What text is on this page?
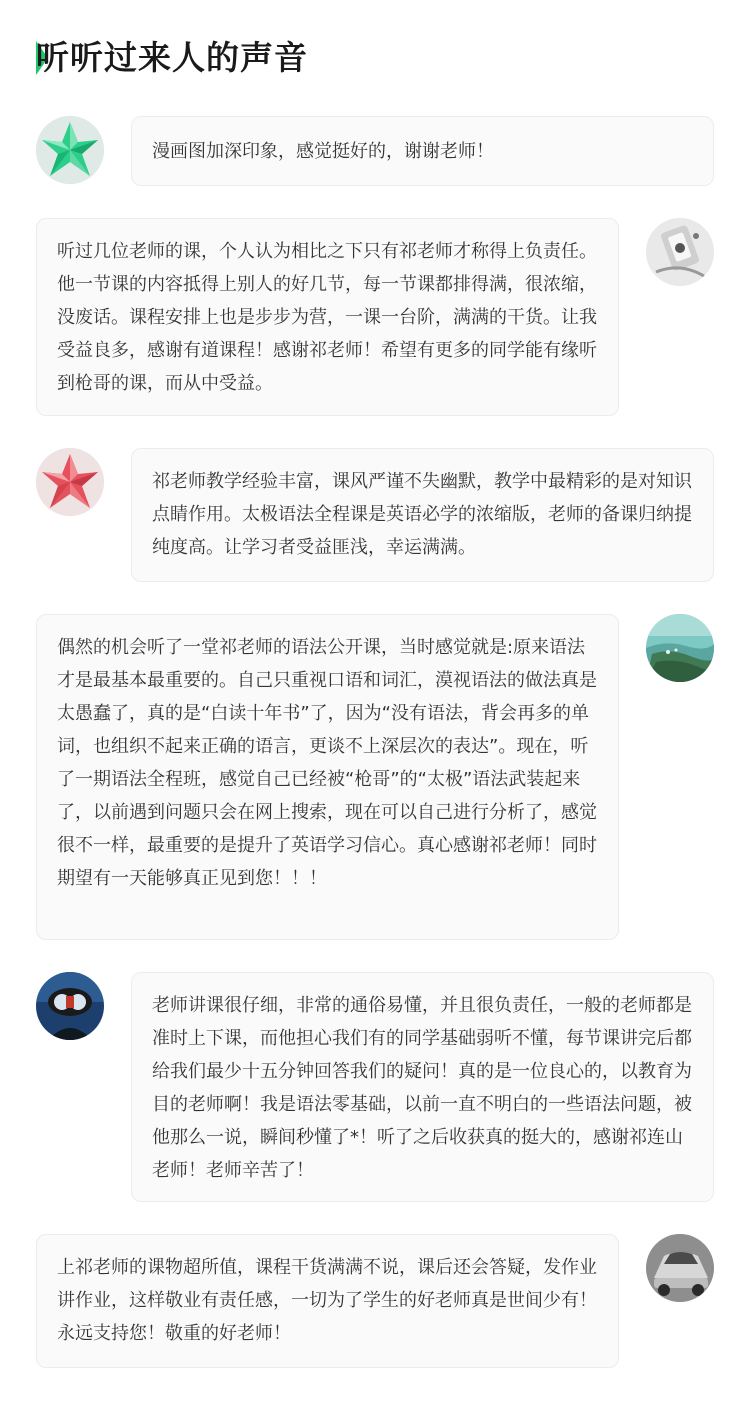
听听过来人的声音

漫画图加深印象，感觉挺好的，谢谢老师！

听过几位老师的课，个人认为相比之下只有祁老师才称得上负责任。他一节课的内容抵得上别人的好几节，每一节课都排得满，很浓缩，没废话。课程安排上也是步步为营，一课一台阶，满满的干货。让我受益良多，感谢有道课程！感谢祁老师！希望有更多的同学能有缘听到枪哥的课，而从中受益。

祁老师教学经验丰富，课风严谨不失幽默，教学中最精彩的是对知识点睛作用。太极语法全程课是英语必学的浓缩版，老师的备课归纳提纯度高。让学习者受益匪浅，幸运满满。

偶然的机会听了一堂祁老师的语法公开课，当时感觉就是:原来语法才是最基本最重要的。自己只重视口语和词汇，漠视语法的做法真是太愚蠢了，真的是“白读十年书”了，因为“没有语法，背会再多的单词，也组织不起来正确的语言，更谈不上深层次的表达”。现在，听了一期语法全程班，感觉自己已经被“枪哥”的“太极”语法武装起来了，以前遇到问题只会在网上搜索，现在可以自己进行分析了，感觉很不一样，最重要的是提升了英语学习信心。真心感谢祁老师！同时期望有一天能够真正见到您！！！

老师讲课很仔细，非常的通俗易懂，并且很负责任，一般的老师都是准时上下课，而他担心我们有的同学基础弱听不懂，每节课讲完后都给我们最少十五分钟回答我们的疑问！真的是一位良心的，以教育为目的老师啊！我是语法零基础，以前一直不明白的一些语法问题，被他那么一说，瞬间秒懂了*！听了之后收获真的挺大的，感谢祁连山老师！老师辛苦了！

上祁老师的课物超所值，课程干货满满不说，课后还会答疑，发作业讲作业，这样敬业有责任感，一切为了学生的好老师真是世间少有！永远支持您！敬重的好老师！
